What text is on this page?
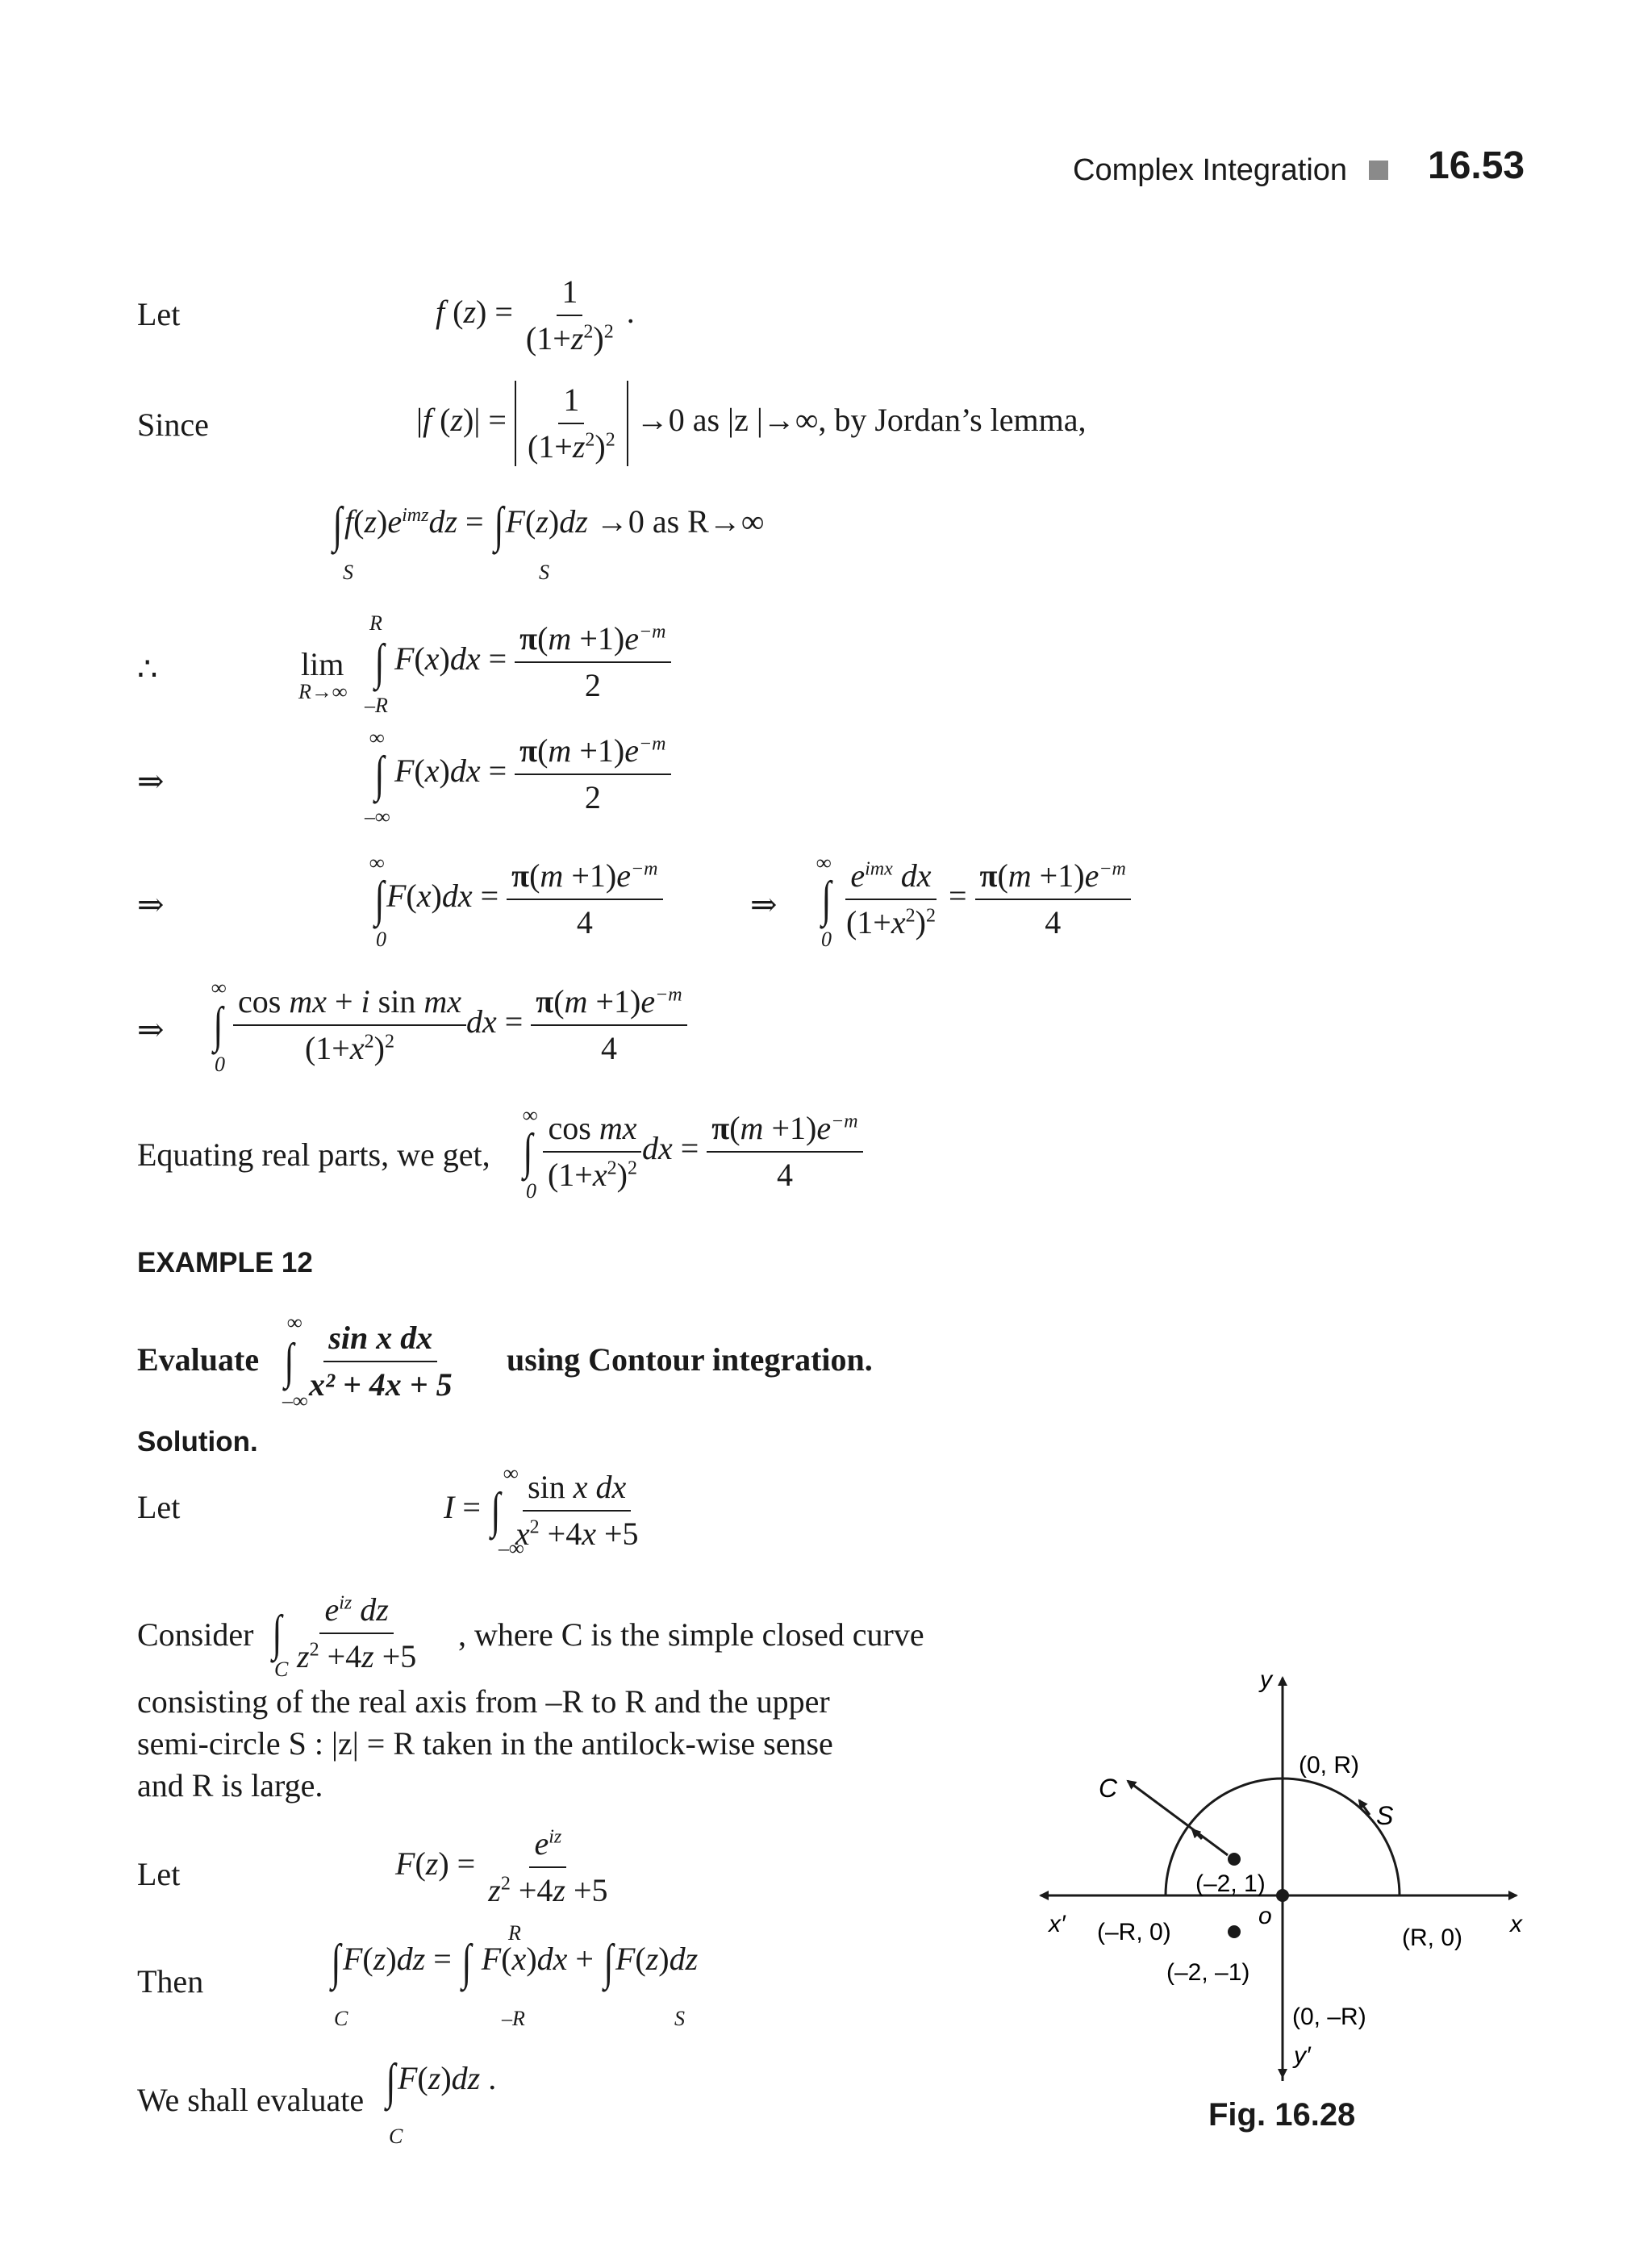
Complex Integration 16.53
Let	f $(z) = \frac{1}{(1+z^2)^2}$ .
Since	|f $(z)| = \frac{1}{(1+z^2)^2} \to 0$ as |z |→∞, by Jordan’s lemma,
$\int f(z)e^{imz}dz = \int F(z)dz \to 0$ as R→∞
S	S
∴	lim
R→∞
R
–R
∫ $F(x)dx = \frac{\pi(m +1)e^{-m}}{2}$
⇒
∞
–∞
∫ $F(x)dx = \frac{\pi(m +1)e^{-m}}{2}$
⇒
∞
0
$\int F(x)dx = \frac{\pi(m +1)e^{-m}}{4}$	⇒
∞
0
∫ $\frac{e^{imx} dx}{(1+x^2)^2} = \frac{\pi(m +1)e^{-m}}{4}$
⇒
∞
0
∫ $\frac{\text{cos mx + i sin mx}}{(1+x^2)^2}$ dx = $\frac{\pi(m +1)e^{-m}}{4}$
Equating real parts, we get,
∞
0
∫ $\frac{\text{cos mx}}{(1+x^2)^2}$ dx = $\frac{\pi(m +1)e^{-m}}{4}$
EXAMPLE 12
Evaluate
∞
–∞
∫ $\frac{\text{sin x dx}}{\text{x² + 4x + 5}}$ using Contour integration.
Solution.
Let
∞
–∞
I = ∫ $\frac{\text{sin x dx}}{x^2 +4x +5}$
Consider
C
∫ $\frac{e^{iz} dz}{z^2 +4z +5}$ , where C is the simple closed curve
consisting of the real axis from –R to R and the upper
semi-circle S : |z| = R taken in the antilock-wise sense
and R is large.
Let	$F(z) = \frac{e^{iz}}{z^2 +4z +5}$
Then
C
R
–R	S
∫F(z)dz = ∫ F(x)dx + ∫F(z)dz
We shall evaluate
C
∫F(z)dz .
y
y′
x
x′	o
(0, R)
(0, –R)
(–R, 0)	(R, 0)
(–2, 1)
(–2, –1)
C
S
Fig. 16.28
